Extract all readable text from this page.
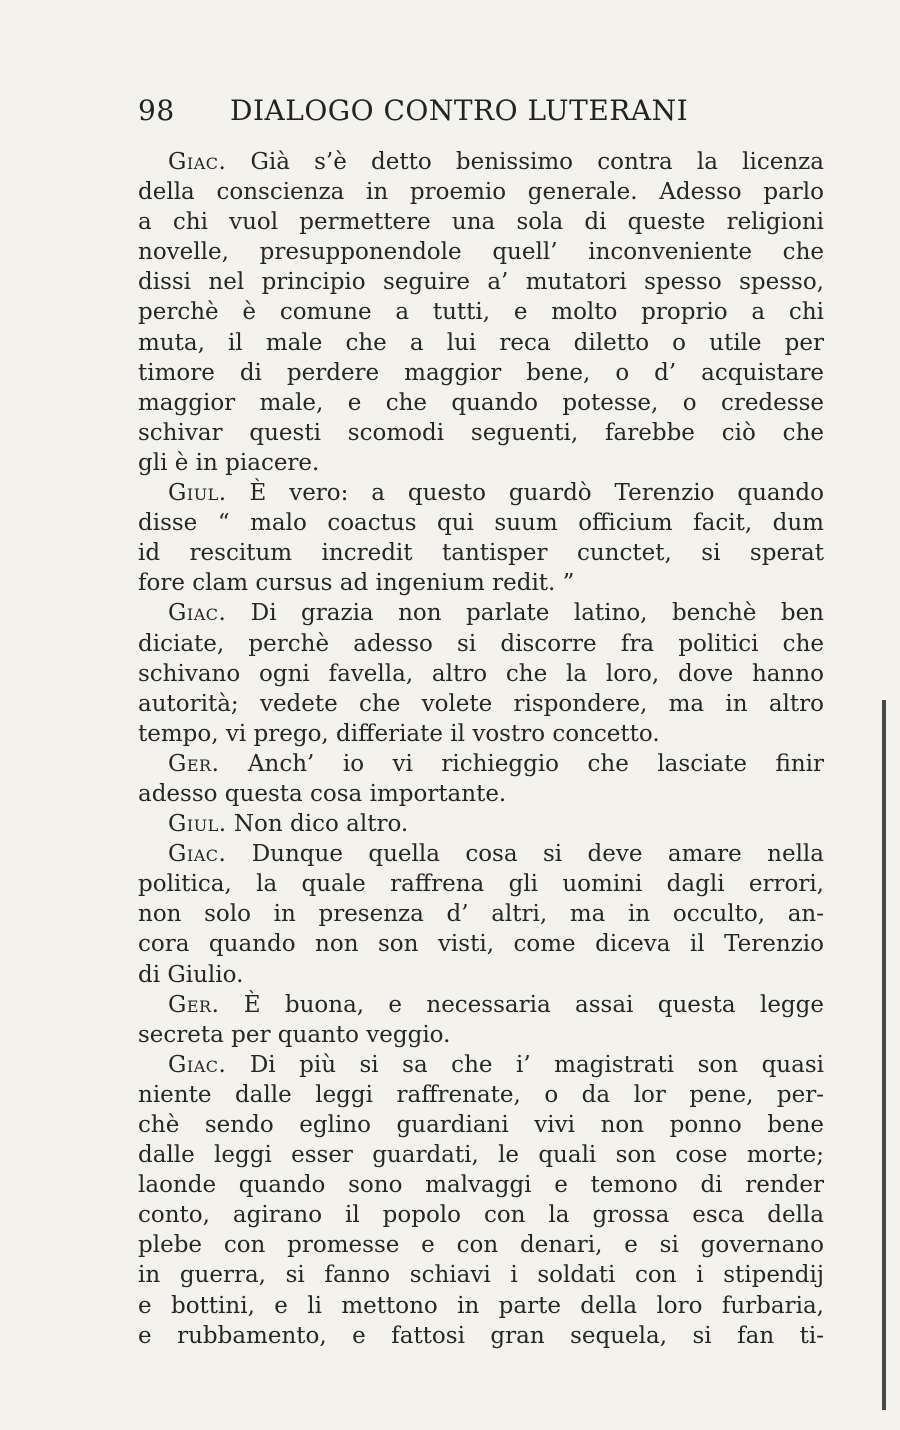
98 DIALOGO CONTRO LUTERANI
Giac. Già s’è detto benissimo contra la licenza
della conscienza in proemio generale. Adesso parlo
a chi vuol permettere una sola di queste religioni
novelle, presupponendole quell’ inconveniente che
dissi nel principio seguire a’ mutatori spesso spesso,
perchè è comune a tutti, e molto proprio a chi
muta, il male che a lui reca diletto o utile per
timore di perdere maggior bene, o d’ acquistare
maggior male, e che quando potesse, o credesse
schivar questi scomodi seguenti, farebbe ciò che
gli è in piacere.
Giul. È vero: a questo guardò Terenzio quando
disse “ malo coactus qui suum officium facit, dum
id rescitum incredit tantisper cunctet, si sperat
fore clam cursus ad ingenium redit. ”
Giac. Di grazia non parlate latino, benchè ben
diciate, perchè adesso si discorre fra politici che
schivano ogni favella, altro che la loro, dove hanno
autorità; vedete che volete rispondere, ma in altro
tempo, vi prego, differiate il vostro concetto.
Ger. Anch’ io vi richieggio che lasciate finir
adesso questa cosa importante.
Giul. Non dico altro.
Giac. Dunque quella cosa si deve amare nella
politica, la quale raffrena gli uomini dagli errori,
non solo in presenza d’ altri, ma in occulto, an-
cora quando non son visti, come diceva il Terenzio
di Giulio.
Ger. È buona, e necessaria assai questa legge
secreta per quanto veggio.
Giac. Di più si sa che i’ magistrati son quasi
niente dalle leggi raffrenate, o da lor pene, per-
chè sendo eglino guardiani vivi non ponno bene
dalle leggi esser guardati, le quali son cose morte;
laonde quando sono malvaggi e temono di render
conto, agirano il popolo con la grossa esca della
plebe con promesse e con denari, e si governano
in guerra, si fanno schiavi i soldati con i stipendij
e bottini, e li mettono in parte della loro furbaria,
e rubbamento, e fattosi gran sequela, si fan ti-
